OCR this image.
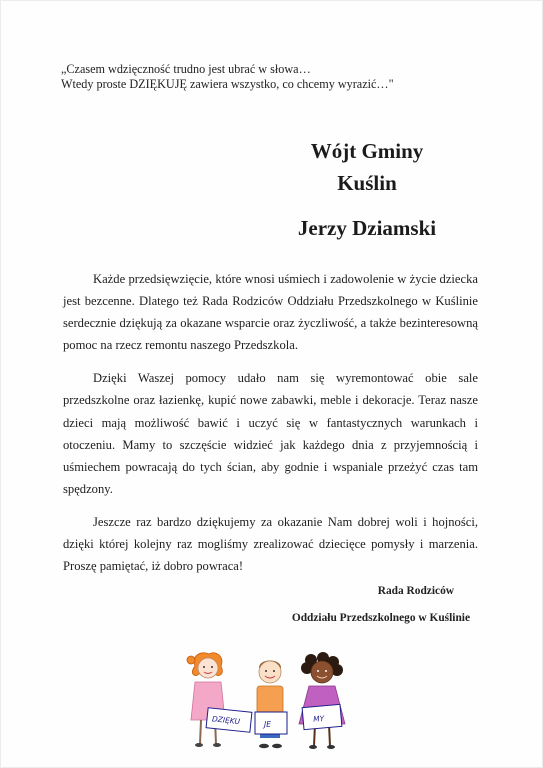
„Czasem wdzięczność trudno jest ubrać w słowa…

Wtedy proste DZIĘKUJĘ zawiera wszystko, co chcemy wyrazić…"

Wójt Gminy
Kuślin
Jerzy Dziamski

Każde przedsięwzięcie, które wnosi uśmiech i zadowolenie w życie dziecka jest bezcenne. Dlatego też Rada Rodziców Oddziału Przedszkolnego w Kuślinie serdecznie dziękują za okazane wsparcie oraz życzliwość, a także bezinteresowną pomoc na rzecz remontu naszego Przedszkola.

Dzięki Waszej pomocy udało nam się wyremontować obie sale przedszkolne oraz łazienkę, kupić nowe zabawki, meble i dekoracje. Teraz nasze dzieci mają możliwość bawić i uczyć się w fantastycznych warunkach i otoczeniu. Mamy to szczęście widzieć jak każdego dnia z przyjemnością i uśmiechem powracają do tych ścian, aby godnie i wspaniale przeżyć czas tam spędzony.

Jeszcze raz bardzo dziękujemy za okazanie Nam dobrej woli i hojności, dzięki której kolejny raz mogliśmy zrealizować dziecięce pomysły i marzenia. Proszę pamiętać, iż dobro powraca!

Rada Rodziców
Oddziału Przedszkolnego w Kuślinie
DZIĘKU	JE
MY
